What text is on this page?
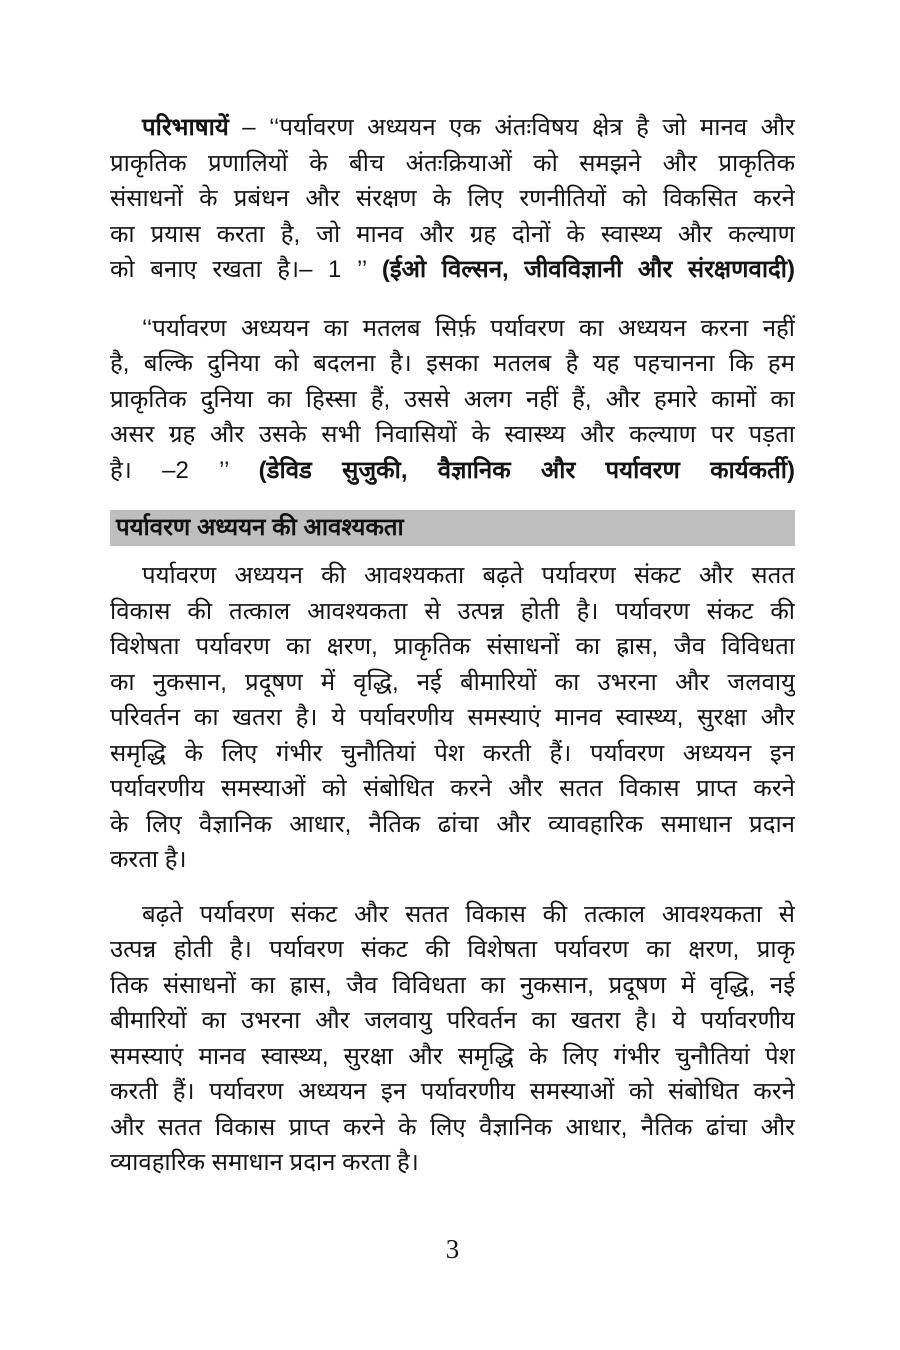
परिभाषायें – ‘‘पर्यावरण अध्ययन एक अंतःविषय क्षेत्र है जो मानव और
प्राकृतिक प्रणालियों के बीच अंतःक्रियाओं को समझने और प्राकृतिक
संसाधनों के प्रबंधन और संरक्षण के लिए रणनीतियों को विकसित करने
का प्रयास करता है, जो मानव और ग्रह दोनों के स्वास्थ्य और कल्याण
को बनाए रखता है।– 1 ’’ (ईओ विल्सन, जीवविज्ञानी और संरक्षणवादी)
‘‘पर्यावरण अध्ययन का मतलब सिर्फ़ पर्यावरण का अध्ययन करना नहीं
है, बल्कि दुनिया को बदलना है। इसका मतलब है यह पहचानना कि हम
प्राकृतिक दुनिया का हिस्सा हैं, उससे अलग नहीं हैं, और हमारे कामों का
असर ग्रह और उसके सभी निवासियों के स्वास्थ्य और कल्याण पर पड़ता
है। –2 ’’ (डेविड सुजुकी, वैज्ञानिक और पर्यावरण कार्यकर्ती)
पर्यावरण अध्ययन की आवश्यकता
पर्यावरण अध्ययन की आवश्यकता बढ़ते पर्यावरण संकट और सतत
विकास की तत्काल आवश्यकता से उत्पन्न होती है। पर्यावरण संकट की
विशेषता पर्यावरण का क्षरण, प्राकृतिक संसाधनों का ह्रास, जैव विविधता
का नुकसान, प्रदूषण में वृद्धि, नई बीमारियों का उभरना और जलवायु
परिवर्तन का खतरा है। ये पर्यावरणीय समस्याएं मानव स्वास्थ्य, सुरक्षा और
समृद्धि के लिए गंभीर चुनौतियां पेश करती हैं। पर्यावरण अध्ययन इन
पर्यावरणीय समस्याओं को संबोधित करने और सतत विकास प्राप्त करने
के लिए वैज्ञानिक आधार, नैतिक ढांचा और व्यावहारिक समाधान प्रदान
करता है।
बढ़ते पर्यावरण संकट और सतत विकास की तत्काल आवश्यकता से
उत्पन्न होती है। पर्यावरण संकट की विशेषता पर्यावरण का क्षरण, प्राकृ
तिक संसाधनों का ह्रास, जैव विविधता का नुकसान, प्रदूषण में वृद्धि, नई
बीमारियों का उभरना और जलवायु परिवर्तन का खतरा है। ये पर्यावरणीय
समस्याएं मानव स्वास्थ्य, सुरक्षा और समृद्धि के लिए गंभीर चुनौतियां पेश
करती हैं। पर्यावरण अध्ययन इन पर्यावरणीय समस्याओं को संबोधित करने
और सतत विकास प्राप्त करने के लिए वैज्ञानिक आधार, नैतिक ढांचा और
व्यावहारिक समाधान प्रदान करता है।
3
